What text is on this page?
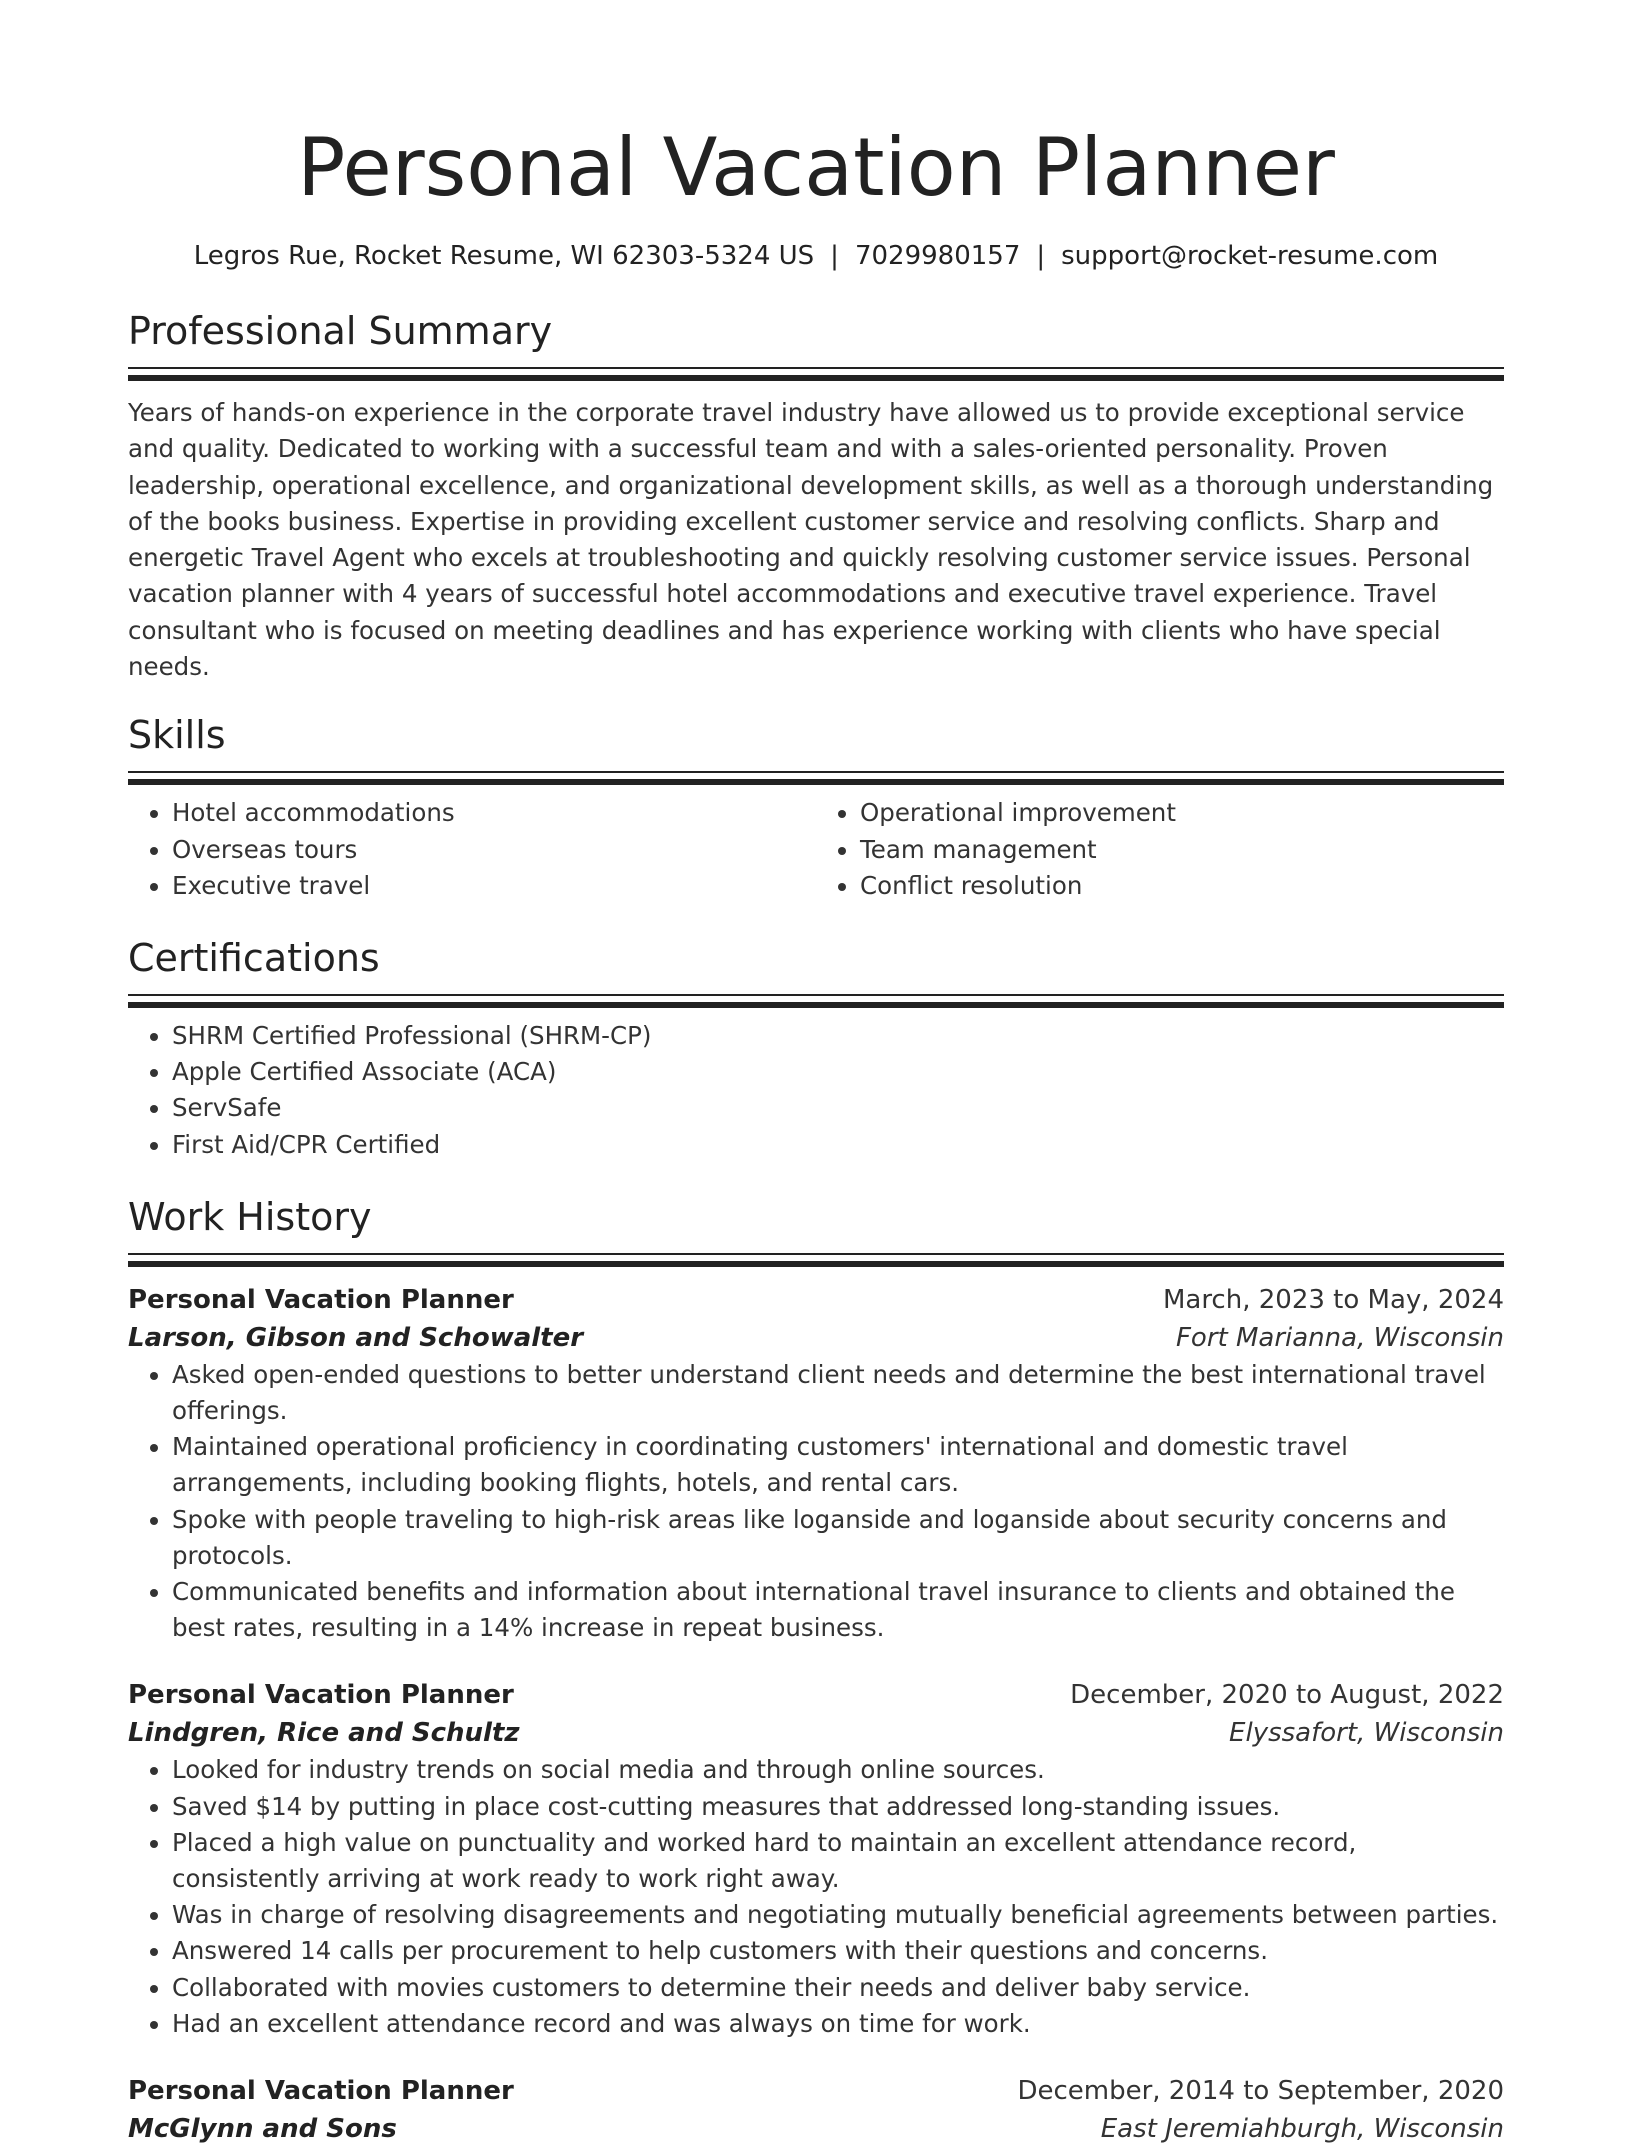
Personal Vacation Planner
Legros Rue, Rocket Resume, WI 62303-5324 US | 7029980157 | support@rocket-resume.com
Professional Summary

Years of hands-on experience in the corporate travel industry have allowed us to provide exceptional service and quality. Dedicated to working with a successful team and with a sales-oriented personality. Proven leadership, operational excellence, and organizational development skills, as well as a thorough understanding of the books business. Expertise in providing excellent customer service and resolving conflicts. Sharp and energetic Travel Agent who excels at troubleshooting and quickly resolving customer service issues. Personal vacation planner with 4 years of successful hotel accommodations and executive travel experience. Travel consultant who is focused on meeting deadlines and has experience working with clients who have special needs.

Skills
• Hotel accommodations
• Overseas tours
• Executive travel
• Operational improvement
• Team management
• Conflict resolution
Certifications
• SHRM Certified Professional (SHRM-CP)
• Apple Certified Associate (ACA)
• ServSafe
• First Aid/CPR Certified
Work History
Personal Vacation Planner	March, 2023 to May, 2024
Larson, Gibson and Schowalter	Fort Marianna, Wisconsin
• Asked open-ended questions to better understand client needs and determine the best international travel offerings.
• Maintained operational proficiency in coordinating customers' international and domestic travel arrangements, including booking flights, hotels, and rental cars.
• Spoke with people traveling to high-risk areas like loganside and loganside about security concerns and protocols.
• Communicated benefits and information about international travel insurance to clients and obtained the best rates, resulting in a 14% increase in repeat business.
Personal Vacation Planner	December, 2020 to August, 2022
Lindgren, Rice and Schultz	Elyssafort, Wisconsin
• Looked for industry trends on social media and through online sources.
• Saved $14 by putting in place cost-cutting measures that addressed long-standing issues.
• Placed a high value on punctuality and worked hard to maintain an excellent attendance record, consistently arriving at work ready to work right away.
• Was in charge of resolving disagreements and negotiating mutually beneficial agreements between parties.
• Answered 14 calls per procurement to help customers with their questions and concerns.
• Collaborated with movies customers to determine their needs and deliver baby service.
• Had an excellent attendance record and was always on time for work.
Personal Vacation Planner	December, 2014 to September, 2020
McGlynn and Sons	East Jeremiahburgh, Wisconsin
